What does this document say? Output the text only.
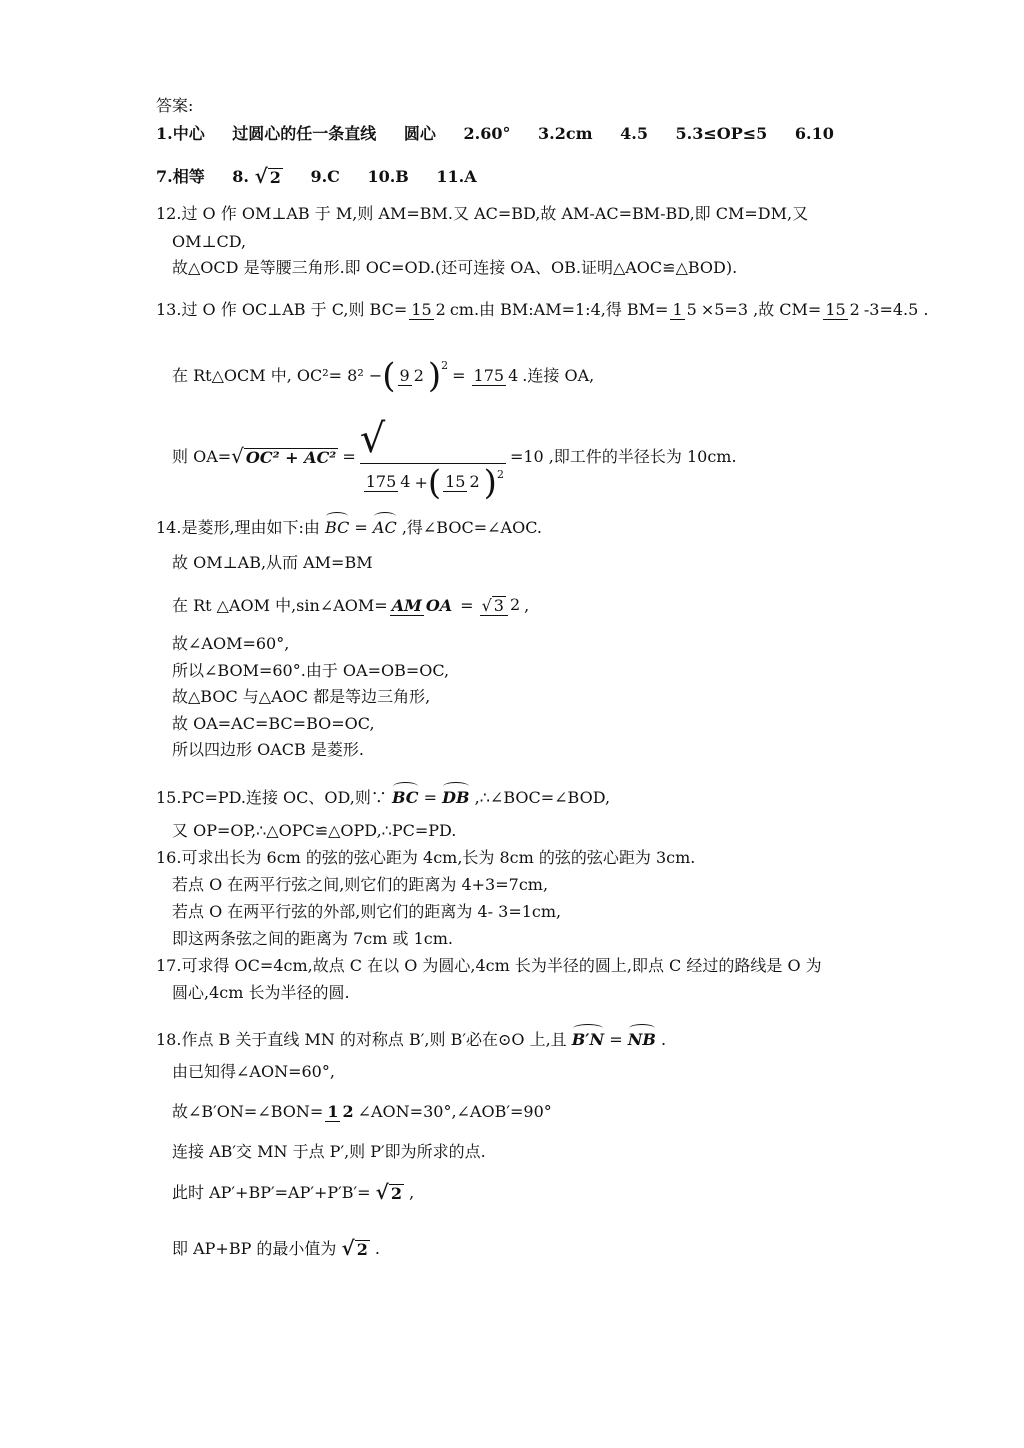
答案:
1.中心 过圆心的任一条直线 圆心 2.60° 3.2cm 4.5 5.3≤OP≤5 6.10
7.相等 8. √ 2 9.C 10.B 11.A
12.过 O 作 OM⊥AB 于 M,则 AM=BM.又 AC=BD,故 AM-AC=BM-BD,即 CM=DM,又
OM⊥CD,
故△OCD 是等腰三角形.即 OC=OD.(还可连接 OA、OB.证明△AOC≌△BOD).
13.过 O 作 OC⊥AB 于 C,则 BC= 15 2 cm.由 BM:AM=1:4,得 BM= 1 5 ×5=3 ,故 CM= 15 2 -3=4.5 .
在 Rt△OCM 中, OC²= 8² − ( 9 2 ) 2
= 175 4 .连接 OA,
则 OA= √ OC² + AC² = √
175 4 + ( 15 2 ) 2
=10 ,即工件的半径长为 10cm.
14.是菱形,理由如下:由 BC = AC ,得∠BOC=∠AOC.
故 OM⊥AB,从而 AM=BM
在 Rt △AOM 中,sin∠AOM= AM OA = √ 3 2 ,
故∠AOM=60°,
所以∠BOM=60°.由于 OA=OB=OC,
故△BOC 与△AOC 都是等边三角形,
故 OA=AC=BC=BO=OC,
所以四边形 OACB 是菱形.
15.PC=PD.连接 OC、OD,则∵ BC = DB ,∴∠BOC=∠BOD,
又 OP=OP,∴△OPC≌△OPD,∴PC=PD.
16.可求出长为 6cm 的弦的弦心距为 4cm,长为 8cm 的弦的弦心距为 3cm.
若点 O 在两平行弦之间,则它们的距离为 4+3=7cm,
若点 O 在两平行弦的外部,则它们的距离为 4- 3=1cm,
即这两条弦之间的距离为 7cm 或 1cm.
17.可求得 OC=4cm,故点 C 在以 O 为圆心,4cm 长为半径的圆上,即点 C 经过的路线是 O 为
圆心,4cm 长为半径的圆.
18.作点 B 关于直线 MN 的对称点 B′,则 B′必在⊙O 上,且 B′N = NB .
由已知得∠AON=60°,
故∠B′ON=∠BON= 1 2 ∠AON=30°,∠AOB′=90°
连接 AB′交 MN 于点 P′,则 P′即为所求的点.
此时 AP′+BP′=AP′+P′B′= √ 2 ,
即 AP+BP 的最小值为 √ 2 .
